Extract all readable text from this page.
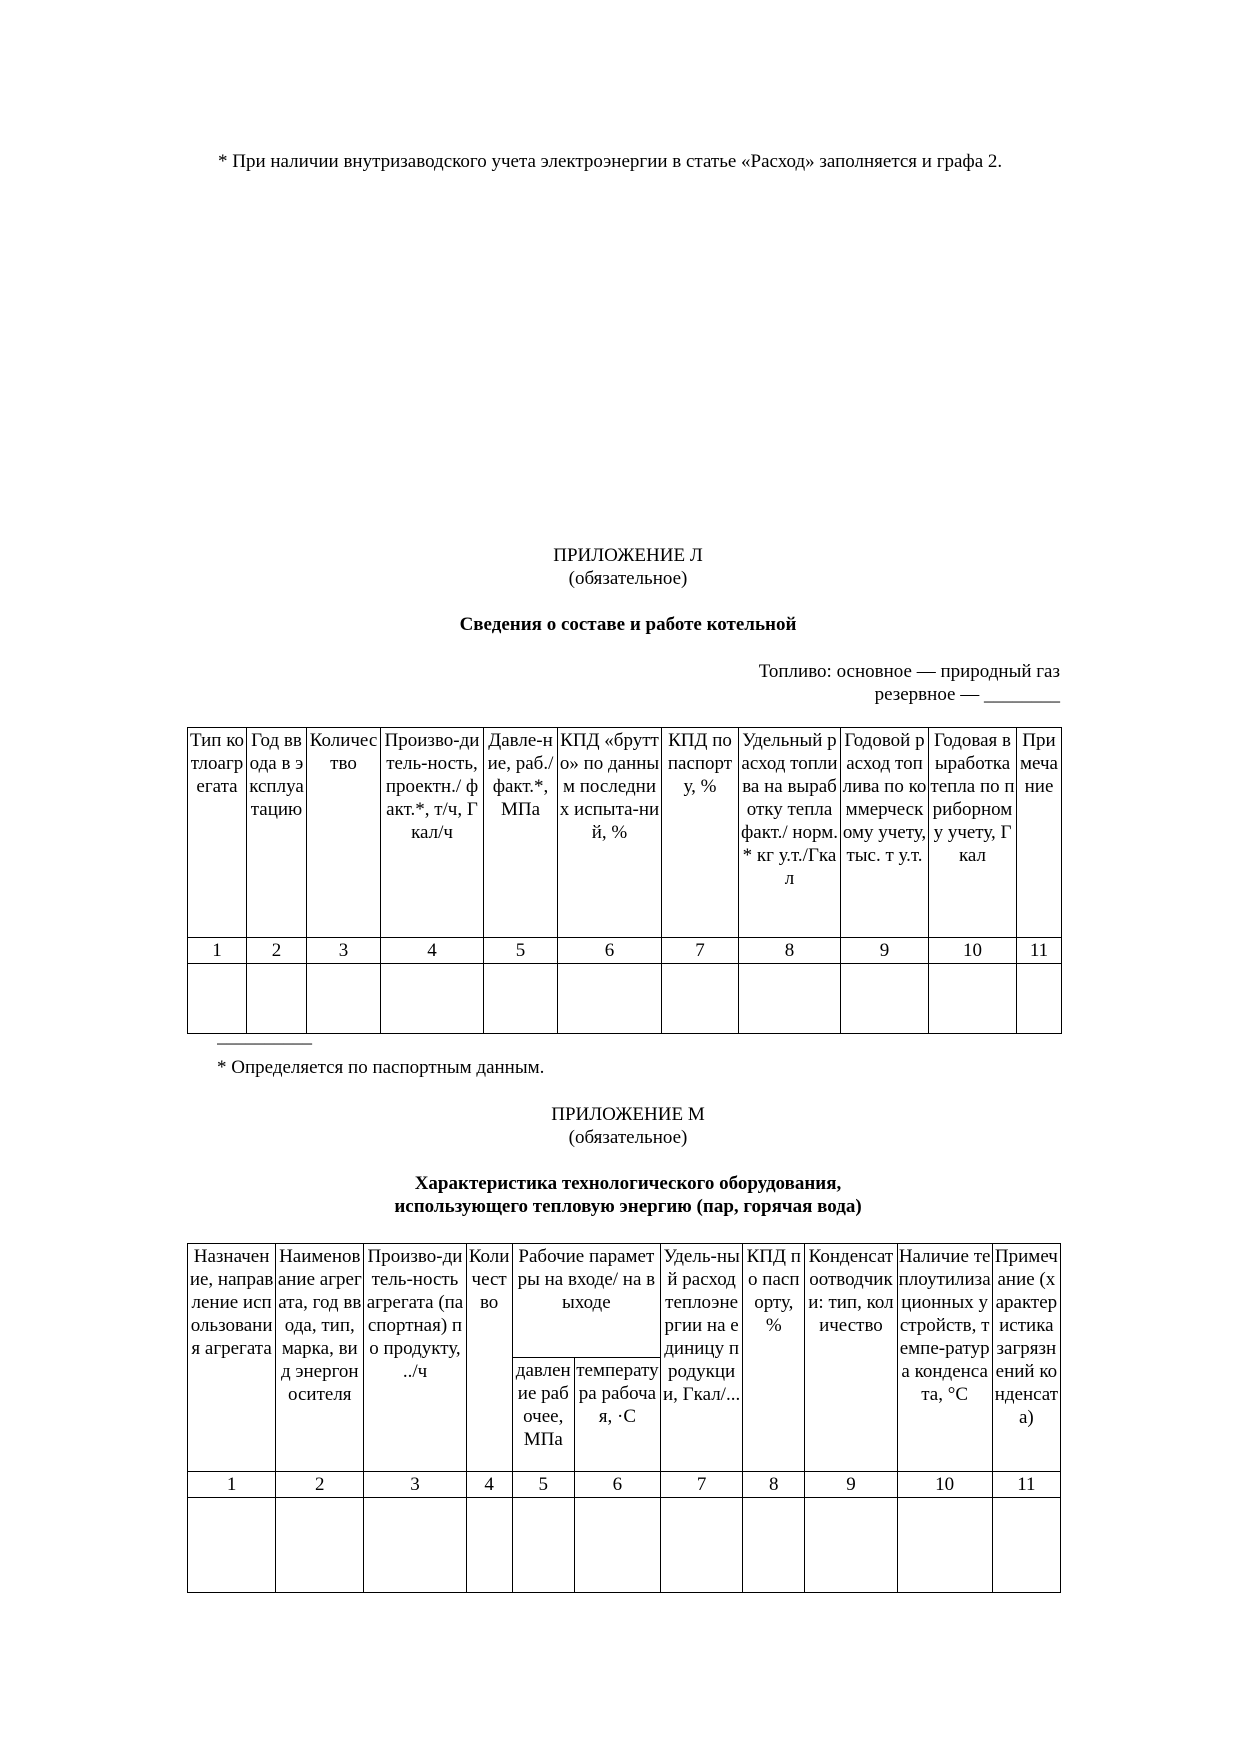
* При наличии внутризаводского учета электроэнергии в статье «Расход» заполняется и графа 2.
ПРИЛОЖЕНИЕ Л
(обязательное)
Сведения о составе и работе котельной
Топливо: основное — природный газ
резервное — ________
Тип котлоагрегата	Год ввода в эксплуатацию	Количество	Произво-дитель-ность, проектн./ факт.*, т/ч, Гкал/ч	Давле-ние, раб./ факт.*, МПа	КПД «брутто» по данным последних испыта-ний, %	КПД по паспорту, %	Удельный расход топлива на выработку тепла факт./ норм.* кг у.т./Гкал	Годовой расход топлива по коммерческому учету, тыс. т у.т.	Годовая выработка тепла по приборному учету, Гкал	Примечание
1	2	3	4	5	6	7	8	9	10	11

__________
* Определяется по паспортным данным.
ПРИЛОЖЕНИЕ М
(обязательное)
Характеристика технологического оборудования,
использующего тепловую энергию (пар, горячая вода)
Назначение, направление использования агрегата	Наименование агрегата, год ввода, тип, марка, вид энергоносителя	Произво-дитель-ность агрегата (паспортная) по продукту, ../ч	Количество	Рабочие параметры на входе/ на выходе		Удель-ный расход теплоэнергии на единицу продукции, Гкал/...	КПД по паспорту, %	Конденсатоотводчики: тип, количество	Наличие теплоутилизационных устройств, темпе-ратура конденсата, °С	Примечание (характеристика загрязнений конденсата)
				давление рабочее, МПа	температура рабочая, ·С					
1	2	3	4	5	6	7	8	9	10	11
